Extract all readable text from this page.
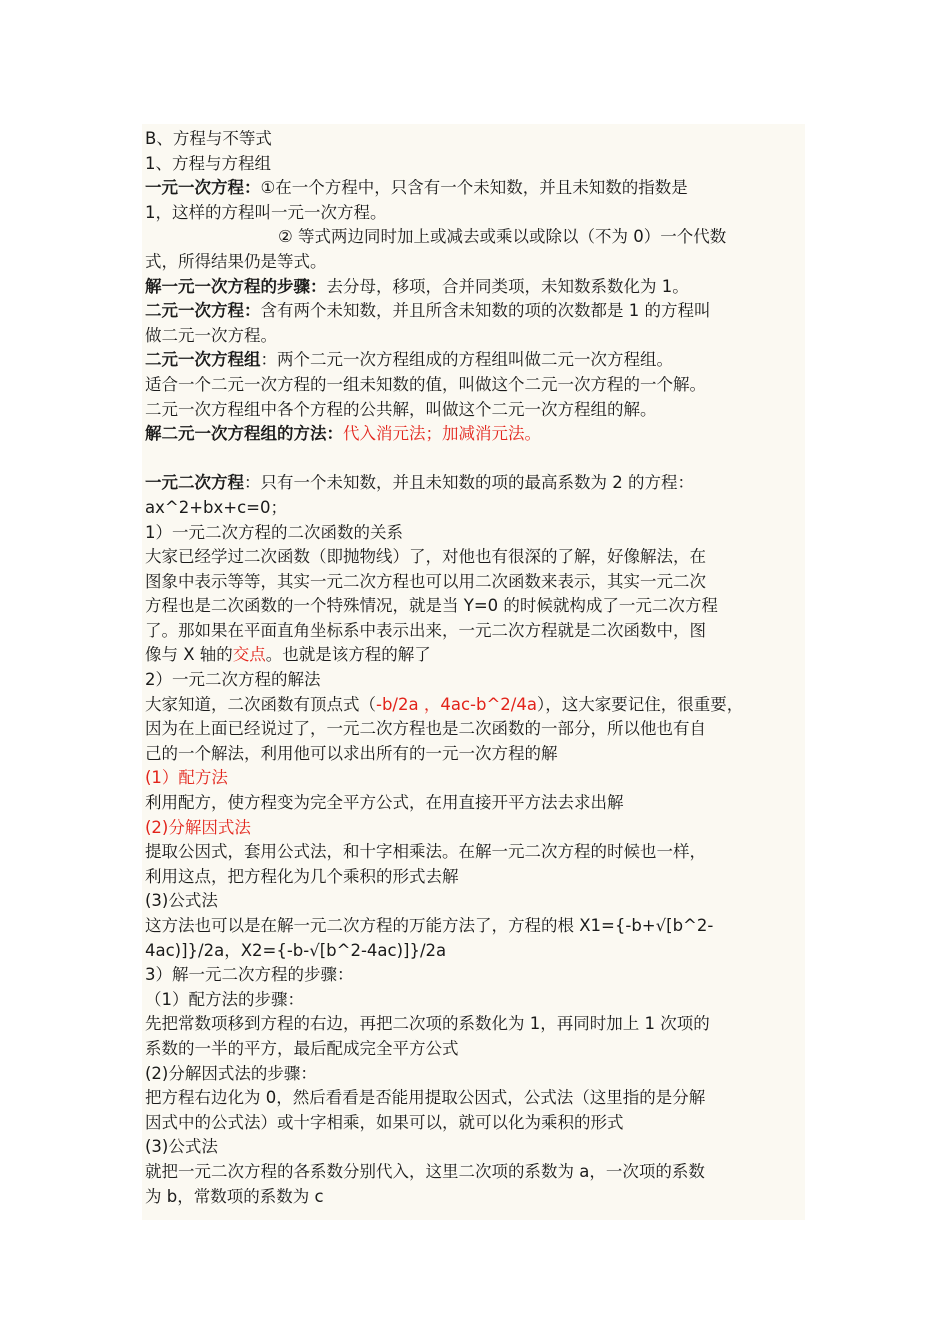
B、方程与不等式
1、方程与方程组
一元一次方程：①在一个方程中，只含有一个未知数，并且未知数的指数是
1，这样的方程叫一元一次方程。
② 等式两边同时加上或减去或乘以或除以（不为 0）一个代数
式，所得结果仍是等式。
解一元一次方程的步骤：去分母，移项，合并同类项，未知数系数化为 1。
二元一次方程：含有两个未知数，并且所含未知数的项的次数都是 1 的方程叫
做二元一次方程。
二元一次方程组：两个二元一次方程组成的方程组叫做二元一次方程组。
适合一个二元一次方程的一组未知数的值，叫做这个二元一次方程的一个解。
二元一次方程组中各个方程的公共解，叫做这个二元一次方程组的解。
解二元一次方程组的方法：代入消元法；加减消元法。
一元二次方程：只有一个未知数，并且未知数的项的最高系数为 2 的方程：
ax^2+bx+c=0；
1）一元二次方程的二次函数的关系
大家已经学过二次函数（即抛物线）了，对他也有很深的了解，好像解法，在
图象中表示等等，其实一元二次方程也可以用二次函数来表示，其实一元二次
方程也是二次函数的一个特殊情况，就是当 Y=0 的时候就构成了一元二次方程
了。那如果在平面直角坐标系中表示出来，一元二次方程就是二次函数中，图
像与 X 轴的交点。也就是该方程的解了
2）一元二次方程的解法
大家知道，二次函数有顶点式（-b/2a ，4ac-b^2/4a），这大家要记住，很重要，
因为在上面已经说过了，一元二次方程也是二次函数的一部分，所以他也有自
己的一个解法，利用他可以求出所有的一元一次方程的解
(1）配方法
利用配方，使方程变为完全平方公式，在用直接开平方法去求出解
(2)分解因式法
提取公因式，套用公式法，和十字相乘法。在解一元二次方程的时候也一样，
利用这点，把方程化为几个乘积的形式去解
(3)公式法
这方法也可以是在解一元二次方程的万能方法了，方程的根 X1={-b+√[b^2-
4ac)]}/2a，X2={-b-√[b^2-4ac)]}/2a
3）解一元二次方程的步骤：
（1）配方法的步骤：
先把常数项移到方程的右边，再把二次项的系数化为 1，再同时加上 1 次项的
系数的一半的平方，最后配成完全平方公式
(2)分解因式法的步骤：
把方程右边化为 0，然后看看是否能用提取公因式，公式法（这里指的是分解
因式中的公式法）或十字相乘，如果可以，就可以化为乘积的形式
(3)公式法
就把一元二次方程的各系数分别代入，这里二次项的系数为 a，一次项的系数
为 b，常数项的系数为 c
